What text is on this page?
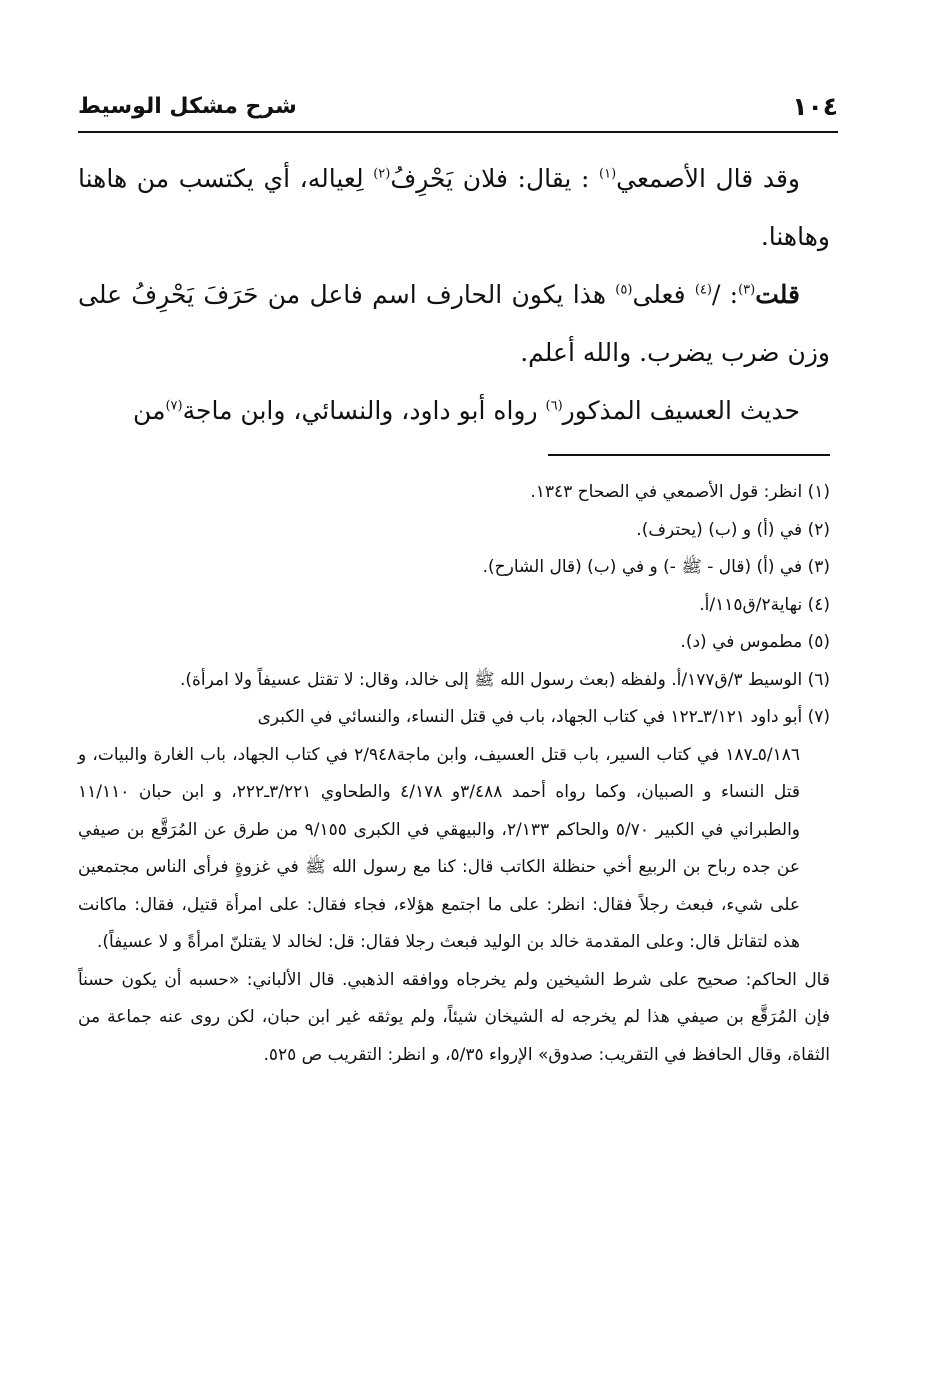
١٠٤
شرح مشكل الوسيط

وقد قال الأصمعي$^{(١)}$ : يقال: فلان يَحْرِفُ$^{(٢)}$ لِعياله، أي يكتسب من هاهنا وهاهنا.

قلت$^{(٣)}$: /$^{(٤)}$ فعلى$^{(٥)}$ هذا يكون الحارف اسم فاعل من حَرَفَ يَحْرِفُ على وزن ضرب يضرب. والله أعلم.

حديث العسيف المذكور$^{(٦)}$ رواه أبو داود، والنسائي، وابن ماجة$^{(٧)}$من

(١) انظر: قول الأصمعي في الصحاح ١٣٤٣.

(٢) في (أ) و (ب) (يحترف).

(٣) في (أ) (قال - ﷺ -) و في (ب) (قال الشارح).

(٤) نهاية٢/ق١١٥/أ.

(٥) مطموس في (د).

(٦) الوسيط ٣/ق١٧٧/أ. ولفظه (بعث رسول الله ﷺ إلى خالد، وقال: لا تقتل عسيفاً ولا امرأة).

(٧) أبو داود ٣/١٢١ـ١٢٢ في كتاب الجهاد، باب في قتل النساء، والنسائي في الكبرى

٥/١٨٦ـ١٨٧ في كتاب السير، باب قتل العسيف، وابن ماجة٢/٩٤٨ في كتاب الجهاد، باب الغارة والبيات، و قتل النساء و الصبيان، وكما رواه أحمد ٣/٤٨٨و ٤/١٧٨ والطحاوي ٣/٢٢١ـ٢٢٢، و ابن حبان ١١/١١٠ والطبراني في الكبير ٥/٧٠ والحاكم ٢/١٣٣، والبيهقي في الكبرى ٩/١٥٥ من طرق عن المُرَقَّع بن صيفي عن جده رباح بن الربيع أخي حنظلة الكاتب قال: كنا مع رسول الله ﷺ في غزوةٍ فرأى الناس مجتمعين على شيء، فبعث رجلاً فقال: انظر: على ما اجتمع هؤلاء، فجاء فقال: على امرأة قتيل، فقال: ماكانت هذه لتقاتل قال: وعلى المقدمة خالد بن الوليد فبعث رجلا فقال: قل: لخالد لا يقتلنّ امرأةً و لا عسيفاً).

قال الحاكم: صحيح على شرط الشيخين ولم يخرجاه ووافقه الذهبي. قال الألباني: «حسبه أن يكون حسناً فإن المُرَقَّع بن صيفي هذا لم يخرجه له الشيخان شيئاً، ولم يوثقه غير ابن حبان، لكن روى عنه جماعة من الثقاة، وقال الحافظ في التقريب: صدوق» الإرواء ٥/٣٥، و انظر: التقريب ص ٥٢٥.
